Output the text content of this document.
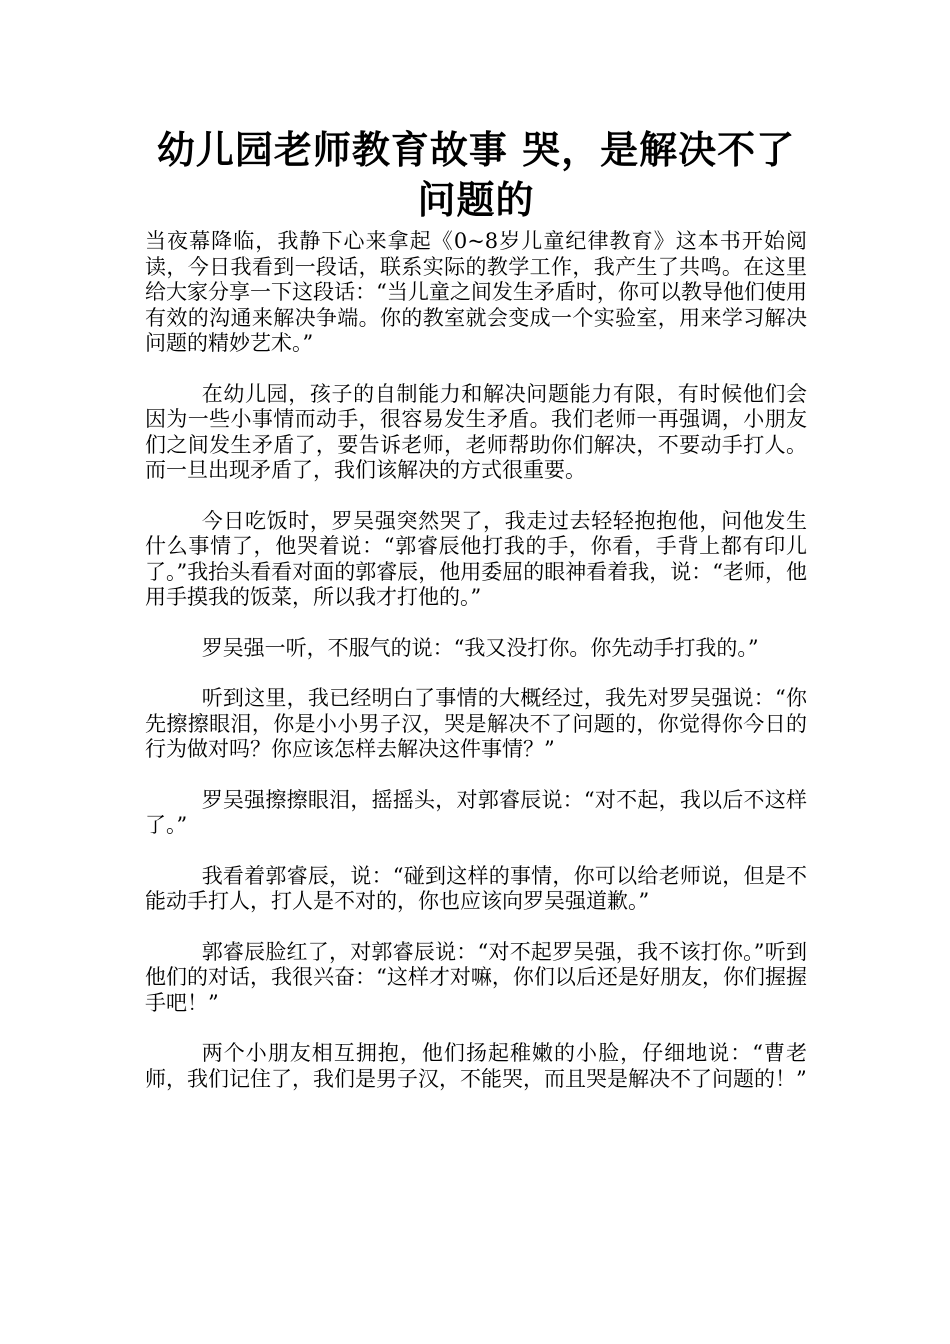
幼儿园老师教育故事 哭，是解决不了问题的

当夜幕降临，我静下心来拿起《0~8岁儿童纪律教育》这本书开始阅读，今日我看到一段话，联系实际的教学工作，我产生了共鸣。在这里给大家分享一下这段话：“当儿童之间发生矛盾时，你可以教导他们使用有效的沟通来解决争端。你的教室就会变成一个实验室，用来学习解决问题的精妙艺术。”

在幼儿园，孩子的自制能力和解决问题能力有限，有时候他们会因为一些小事情而动手，很容易发生矛盾。我们老师一再强调，小朋友们之间发生矛盾了，要告诉老师，老师帮助你们解决，不要动手打人。而一旦出现矛盾了，我们该解决的方式很重要。

今日吃饭时，罗吴强突然哭了，我走过去轻轻抱抱他，问他发生什么事情了，他哭着说：“郭睿辰他打我的手，你看，手背上都有印儿了。”我抬头看看对面的郭睿辰，他用委屈的眼神看着我，说：“老师，他用手摸我的饭菜，所以我才打他的。”

罗吴强一听，不服气的说：“我又没打你。你先动手打我的。”

听到这里，我已经明白了事情的大概经过，我先对罗吴强说：“你先擦擦眼泪，你是小小男子汉，哭是解决不了问题的，你觉得你今日的行为做对吗？你应该怎样去解决这件事情？”

罗吴强擦擦眼泪，摇摇头，对郭睿辰说：“对不起，我以后不这样了。”

我看着郭睿辰，说：“碰到这样的事情，你可以给老师说，但是不能动手打人，打人是不对的，你也应该向罗吴强道歉。”

郭睿辰脸红了，对郭睿辰说：“对不起罗吴强，我不该打你。”听到他们的对话，我很兴奋：“这样才对嘛，你们以后还是好朋友，你们握握手吧！”

两个小朋友相互拥抱，他们扬起稚嫩的小脸，仔细地说：“曹老师，我们记住了，我们是男子汉，不能哭，而且哭是解决不了问题的！”
